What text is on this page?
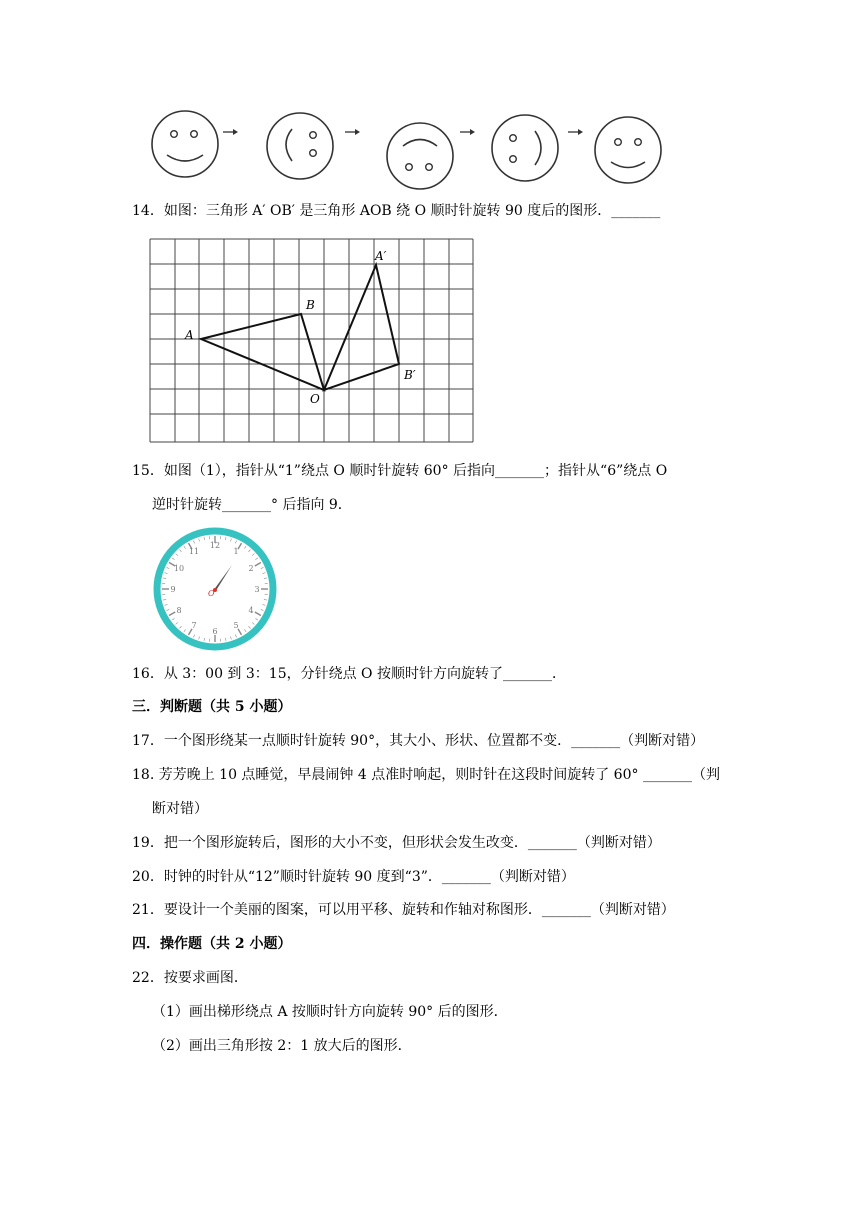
14．如图：三角形 A′ OB′ 是三角形 AOB 绕 O 顺时针旋转 90 度后的图形．_______
A
B
O
A′
B′
15．如图（1），指针从“1”绕点 O 顺时针旋转 60° 后指向_______；指针从“6”绕点 O
逆时针旋转_______° 后指向 9．
12
1
2
3
4
5
6
7
8
9
10
11
O
16．从 3：00 到 3：15，分针绕点 O 按顺时针方向旋转了_______．
三．判断题（共 5 小题）
17．一个图形绕某一点顺时针旋转 90°，其大小、形状、位置都不变．_______（判断对错）
18. 芳芳晚上 10 点睡觉，早晨闹钟 4 点准时响起，则时针在这段时间旋转了 60° _______（判
断对错）
19．把一个图形旋转后，图形的大小不变，但形状会发生改变．_______（判断对错）
20．时钟的时针从“12”顺时针旋转 90 度到“3”．_______（判断对错）
21．要设计一个美丽的图案，可以用平移、旋转和作轴对称图形．_______（判断对错）
四．操作题（共 2 小题）
22．按要求画图．
（1）画出梯形绕点 A 按顺时针方向旋转 90° 后的图形．
（2）画出三角形按 2：1 放大后的图形．
